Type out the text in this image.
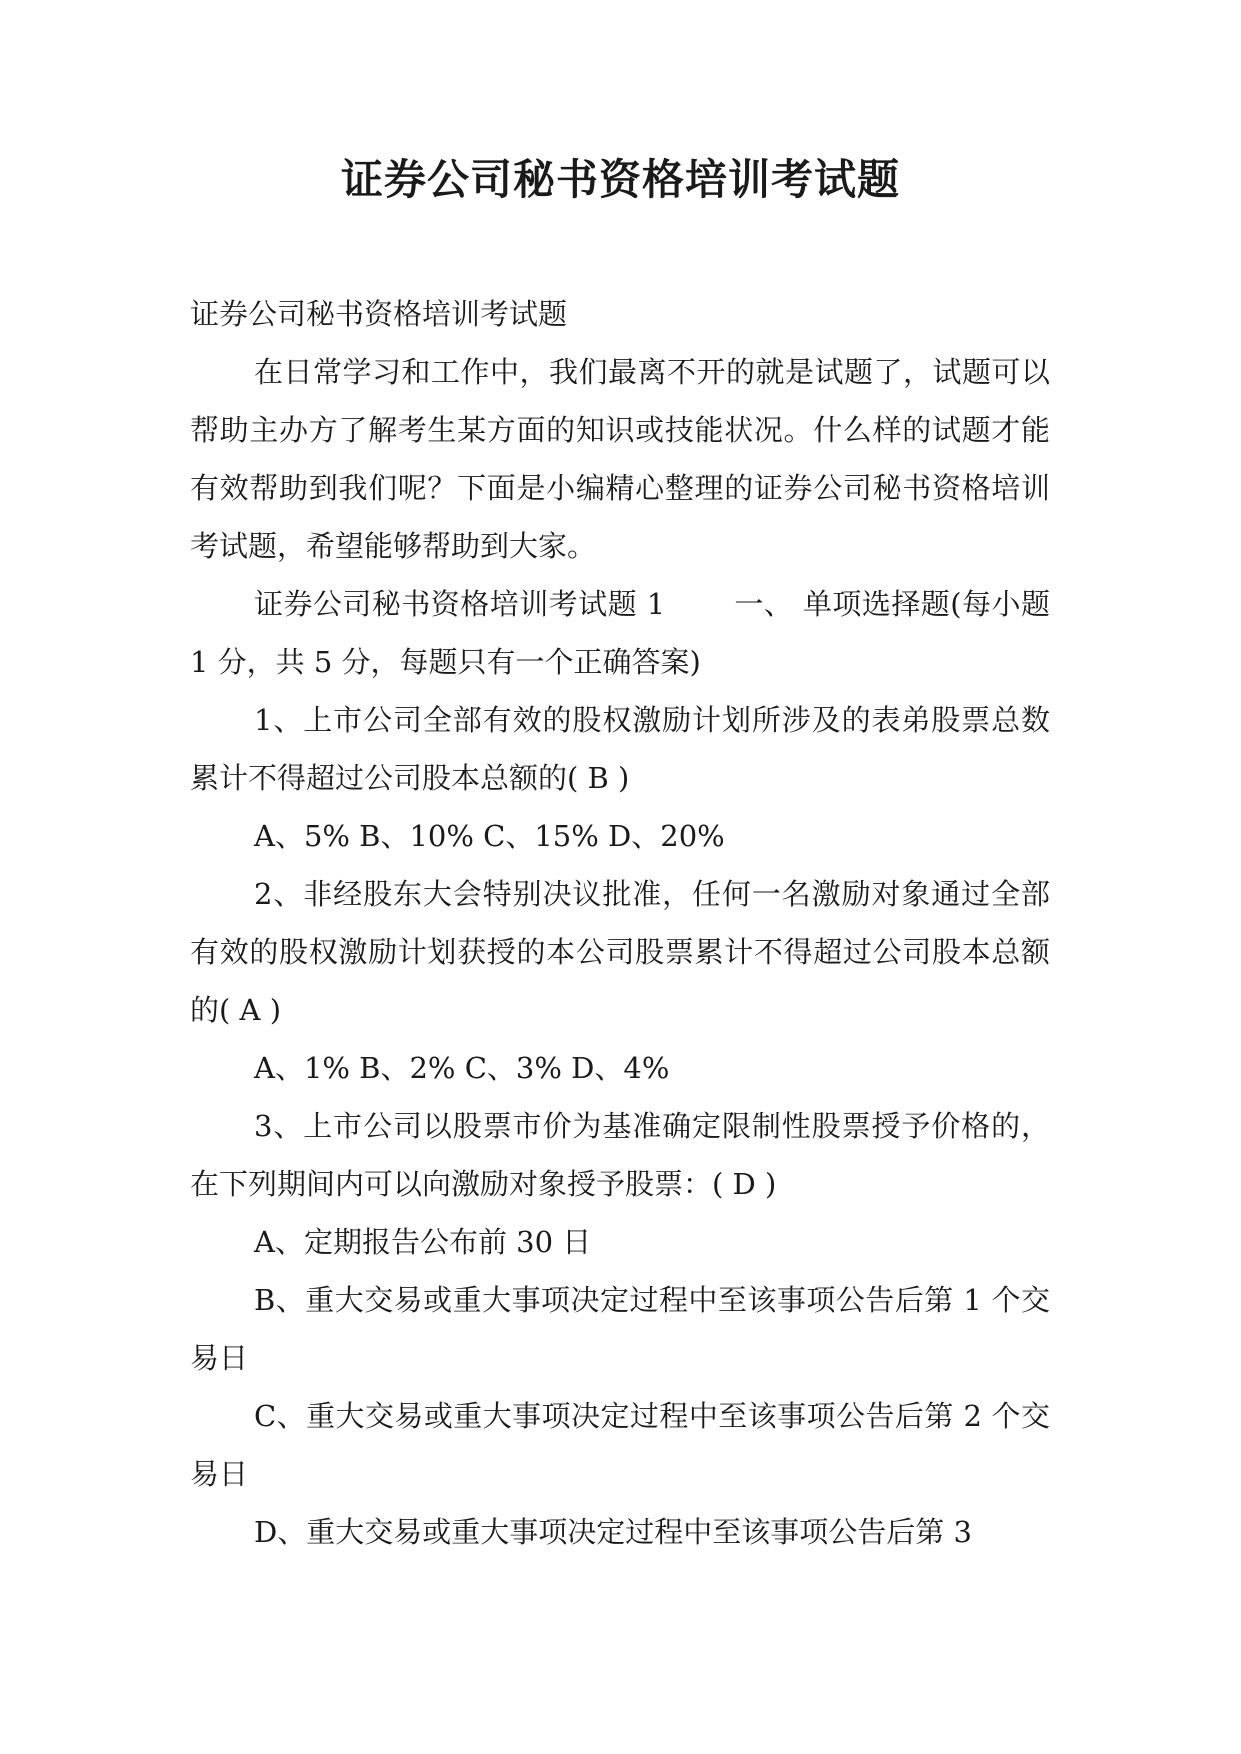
证券公司秘书资格培训考试题

证券公司秘书资格培训考试题

在日常学习和工作中，我们最离不开的就是试题了，试题可以帮助主办方了解考生某方面的知识或技能状况。什么样的试题才能有效帮助到我们呢？下面是小编精心整理的证券公司秘书资格培训考试题，希望能够帮助到大家。

证券公司秘书资格培训考试题 1　　 一、 单项选择题(每小题 1 分，共 5 分，每题只有一个正确答案)

1、上市公司全部有效的股权激励计划所涉及的表弟股票总数累计不得超过公司股本总额的( B )

A、5% B、10% C、15% D、20%

2、非经股东大会特别决议批准，任何一名激励对象通过全部有效的股权激励计划获授的本公司股票累计不得超过公司股本总额的( A )

A、1% B、2% C、3% D、4%

3、上市公司以股票市价为基准确定限制性股票授予价格的，在下列期间内可以向激励对象授予股票：( D )

A、定期报告公布前 30 日

B、重大交易或重大事项决定过程中至该事项公告后第 1 个交易日

C、重大交易或重大事项决定过程中至该事项公告后第 2 个交易日

D、重大交易或重大事项决定过程中至该事项公告后第 3
